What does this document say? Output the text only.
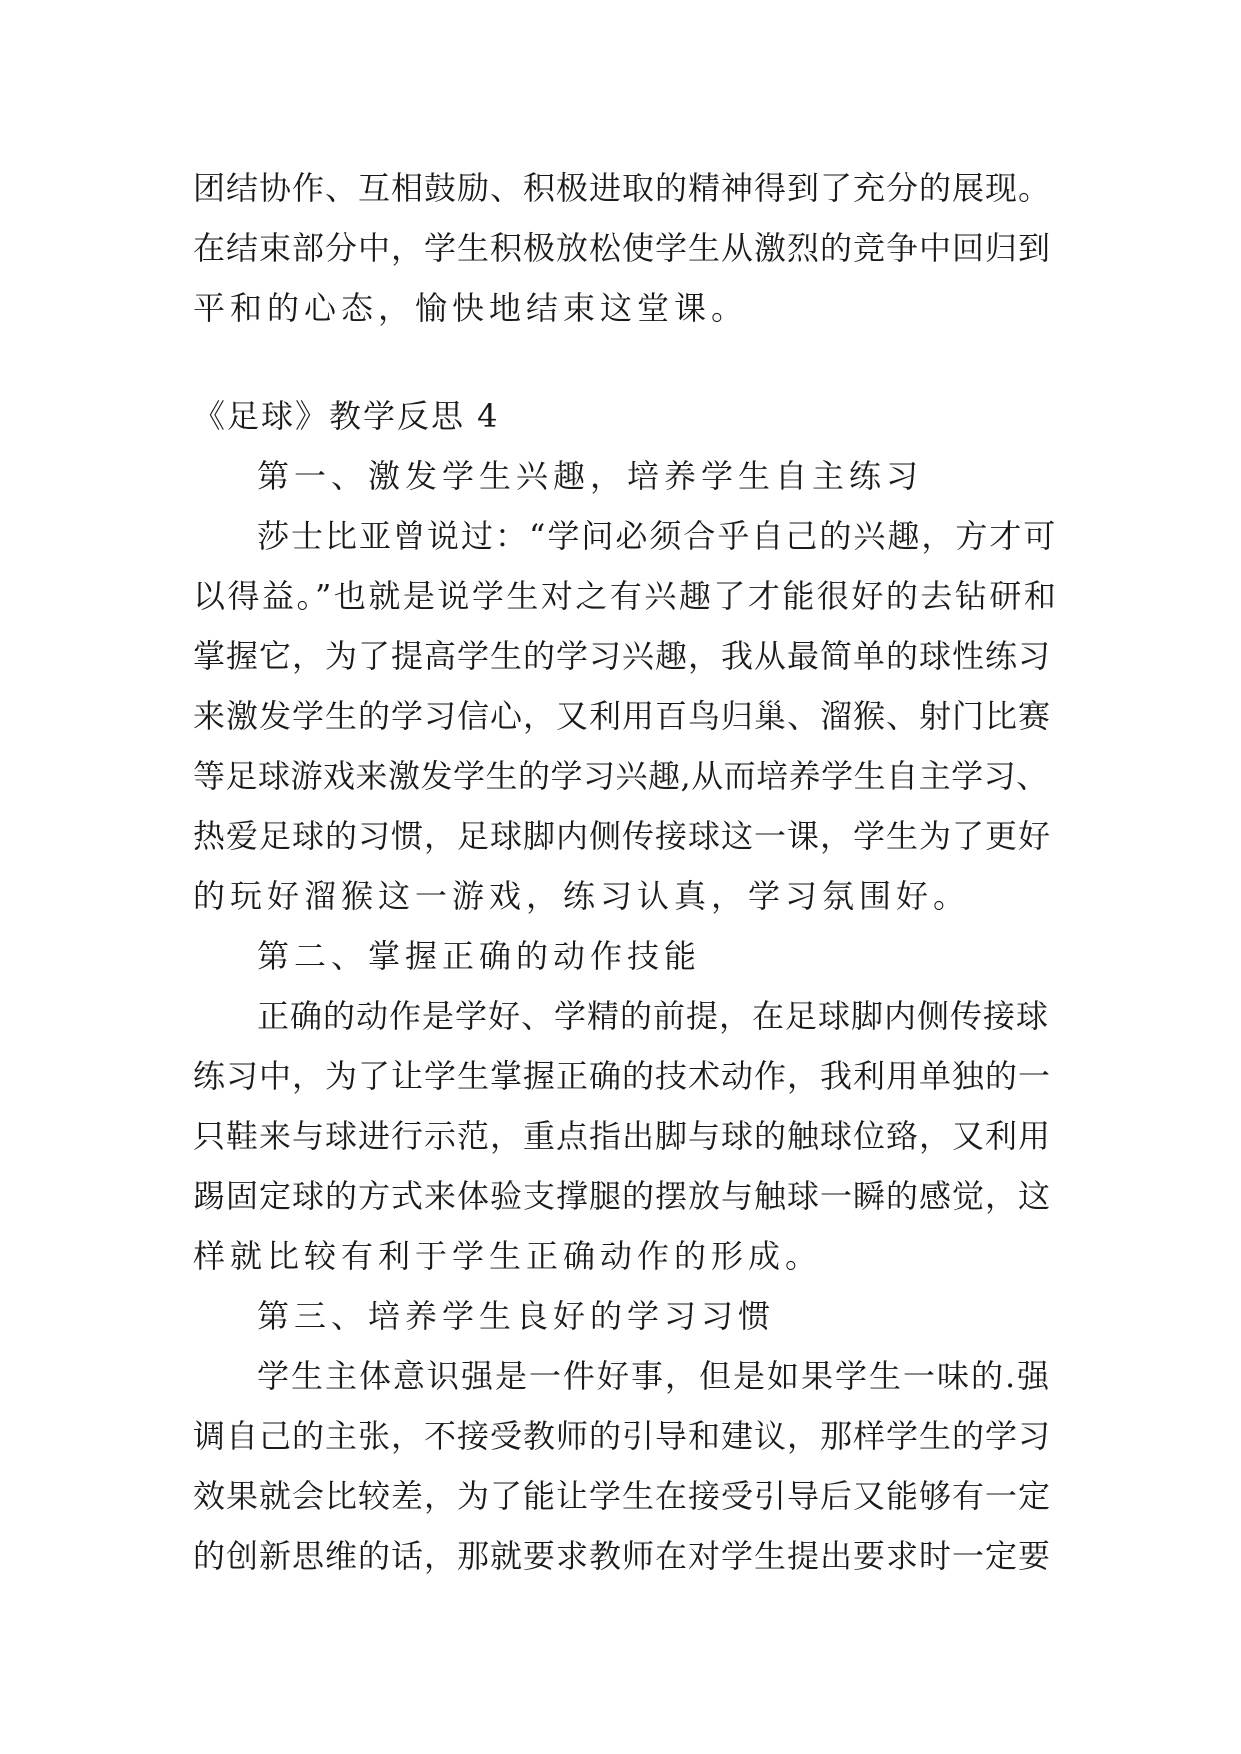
团结协作、互相鼓励、积极进取的精神得到了充分的展现。
在结束部分中，学生积极放松使学生从激烈的竞争中回归到
平和的心态，愉快地结束这堂课。
《足球》教学反思 4
第一、激发学生兴趣，培养学生自主练习
莎士比亚曾说过：“学问必须合乎自己的兴趣，方才可
以得益。”也就是说学生对之有兴趣了才能很好的去钻研和
掌握它，为了提高学生的学习兴趣，我从最简单的球性练习
来激发学生的学习信心，又利用百鸟归巢、溜猴、射门比赛
等足球游戏来激发学生的学习兴趣,从而培养学生自主学习、
热爱足球的习惯，足球脚内侧传接球这一课，学生为了更好
的玩好溜猴这一游戏，练习认真，学习氛围好。
第二、掌握正确的动作技能
正确的动作是学好、学精的前提，在足球脚内侧传接球
练习中，为了让学生掌握正确的技术动作，我利用单独的一
只鞋来与球进行示范，重点指出脚与球的触球位臵，又利用
踢固定球的方式来体验支撑腿的摆放与触球一瞬的感觉，这
样就比较有利于学生正确动作的形成。
第三、培养学生良好的学习习惯
学生主体意识强是一件好事，但是如果学生一味的.强
调自己的主张，不接受教师的引导和建议，那样学生的学习
效果就会比较差，为了能让学生在接受引导后又能够有一定
的创新思维的话，那就要求教师在对学生提出要求时一定要
